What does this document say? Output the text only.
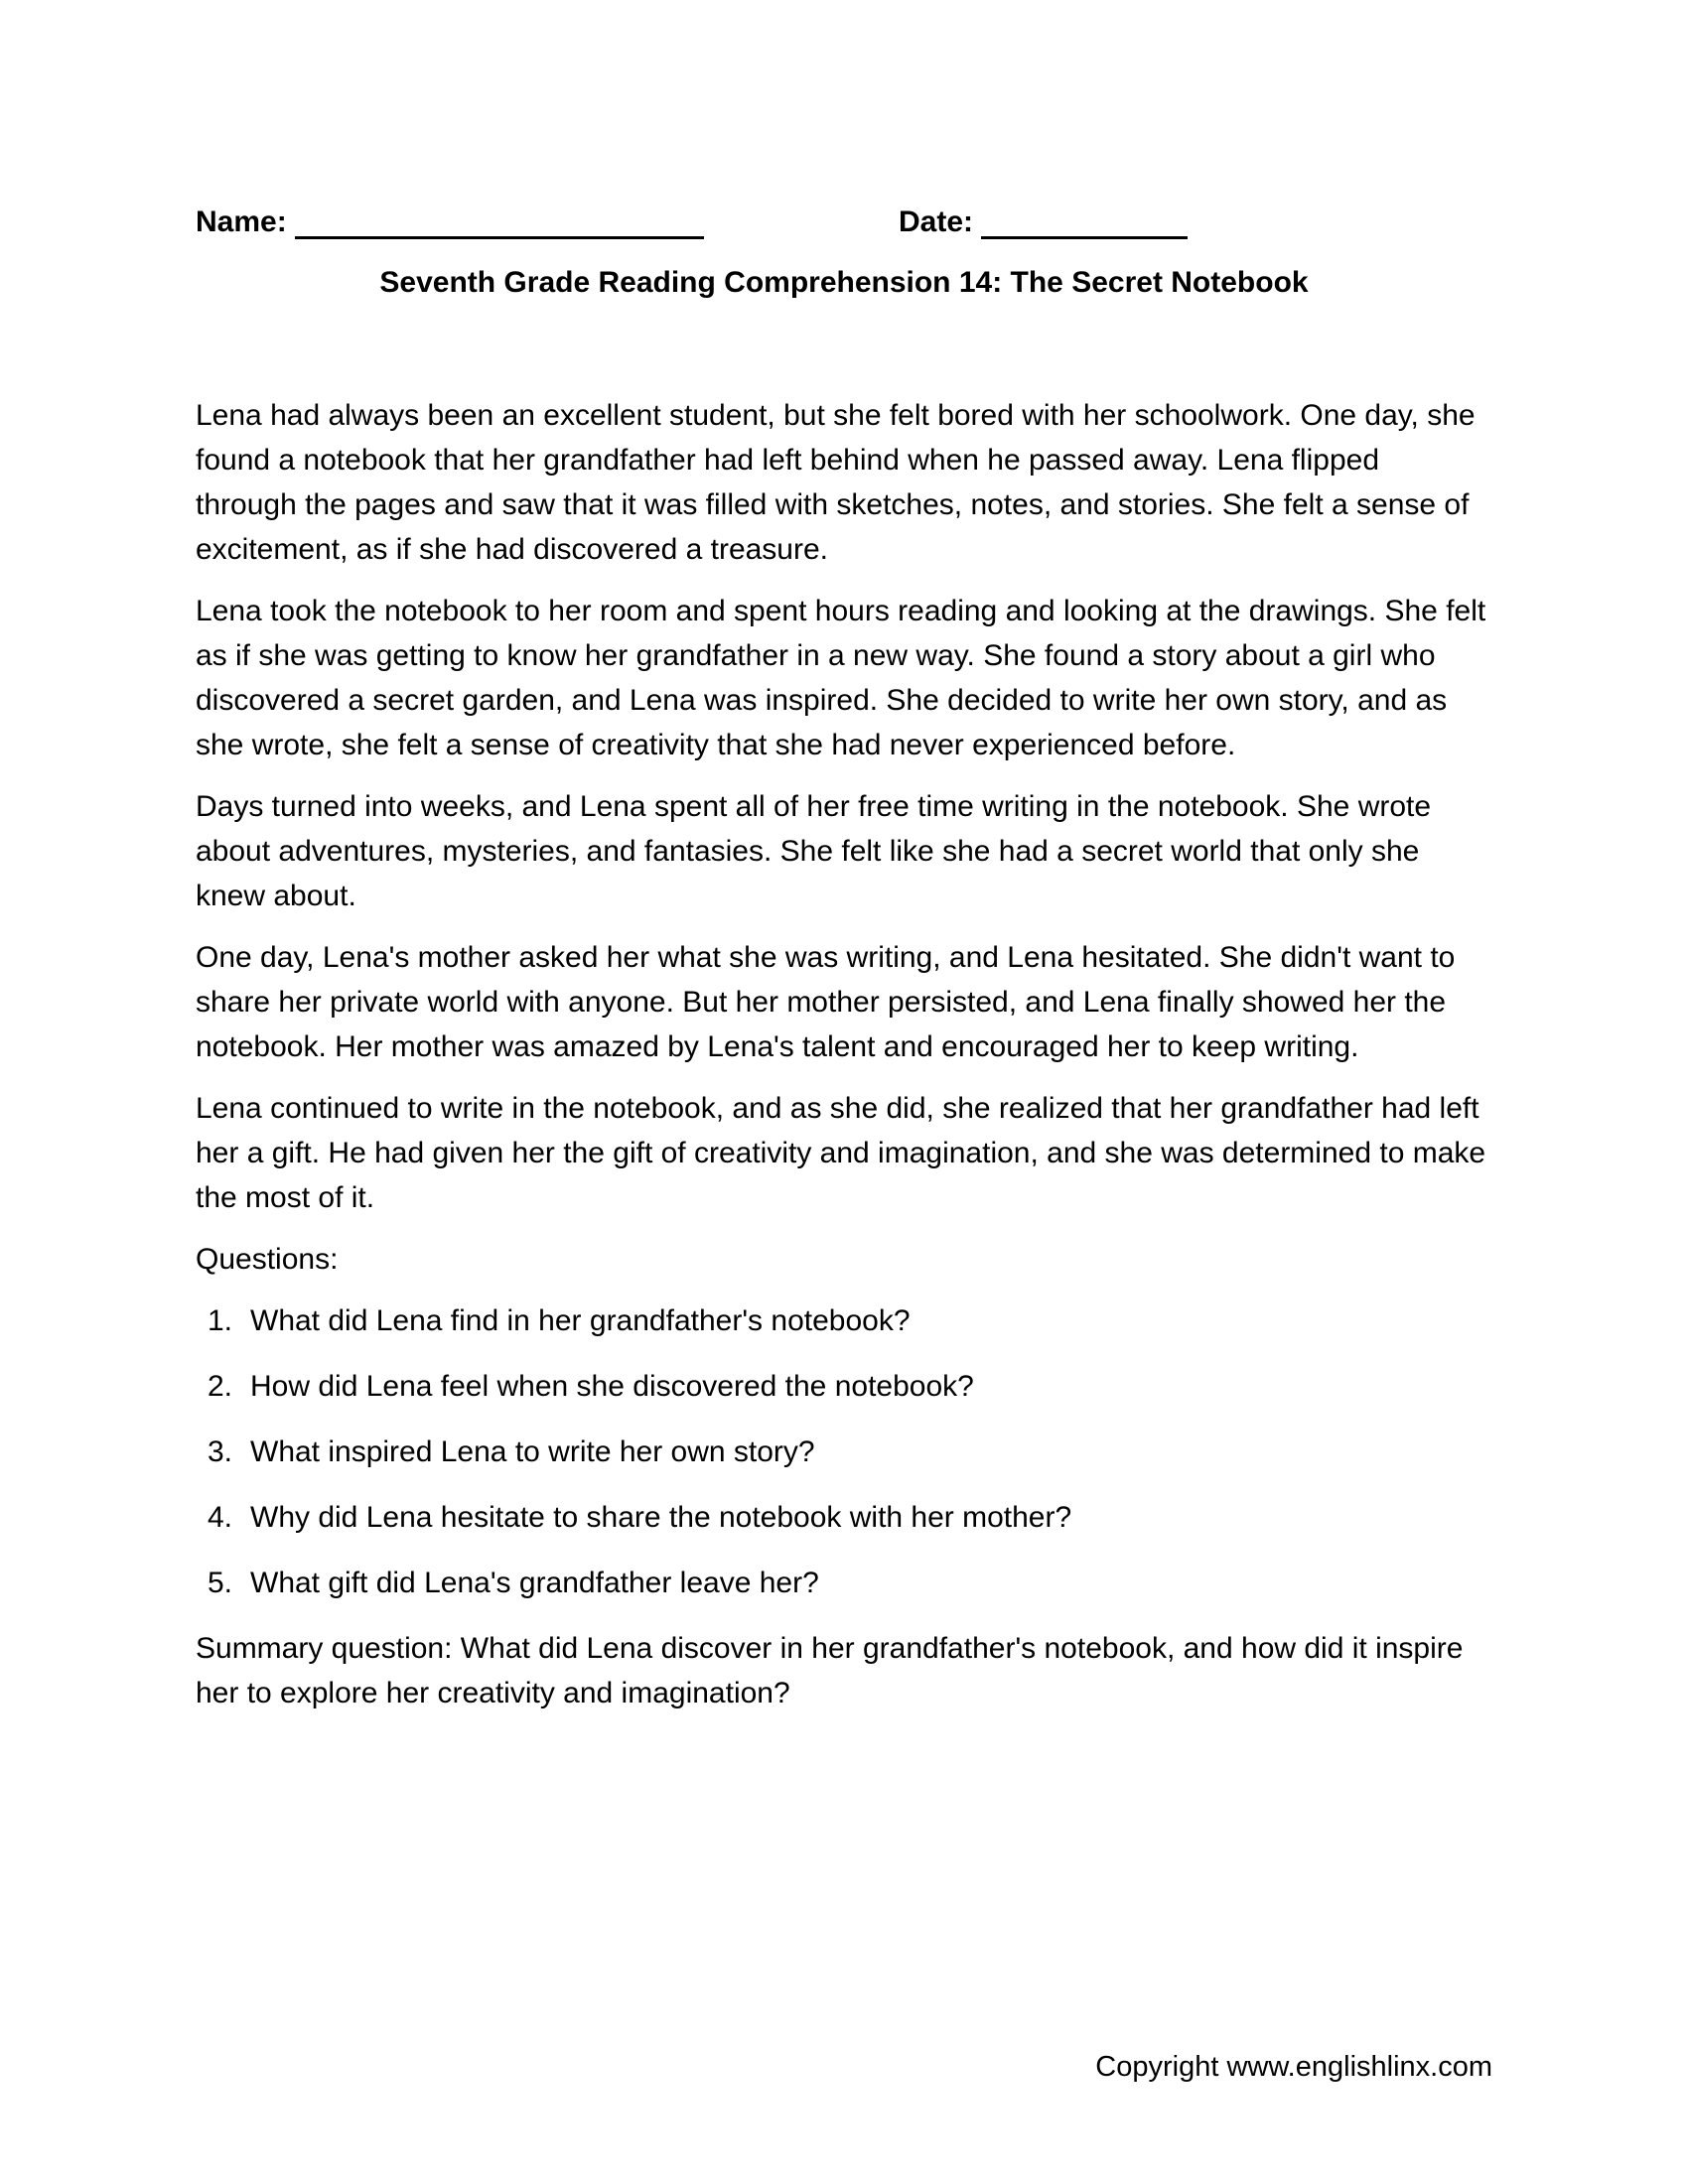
Name:	Date:
Seventh Grade Reading Comprehension 14: The Secret Notebook

Lena had always been an excellent student, but she felt bored with her schoolwork. One day, she found a notebook that her grandfather had left behind when he passed away. Lena flipped through the pages and saw that it was filled with sketches, notes, and stories. She felt a sense of excitement, as if she had discovered a treasure.

Lena took the notebook to her room and spent hours reading and looking at the drawings. She felt as if she was getting to know her grandfather in a new way. She found a story about a girl who discovered a secret garden, and Lena was inspired. She decided to write her own story, and as she wrote, she felt a sense of creativity that she had never experienced before.

Days turned into weeks, and Lena spent all of her free time writing in the notebook. She wrote about adventures, mysteries, and fantasies. She felt like she had a secret world that only she knew about.

One day, Lena's mother asked her what she was writing, and Lena hesitated. She didn't want to share her private world with anyone. But her mother persisted, and Lena finally showed her the notebook. Her mother was amazed by Lena's talent and encouraged her to keep writing.

Lena continued to write in the notebook, and as she did, she realized that her grandfather had left her a gift. He had given her the gift of creativity and imagination, and she was determined to make the most of it.

Questions:

1. What did Lena find in her grandfather's notebook?
2. How did Lena feel when she discovered the notebook?
3. What inspired Lena to write her own story?
4. Why did Lena hesitate to share the notebook with her mother?
5. What gift did Lena's grandfather leave her?

Summary question: What did Lena discover in her grandfather's notebook, and how did it inspire her to explore her creativity and imagination?

Copyright www.englishlinx.com
